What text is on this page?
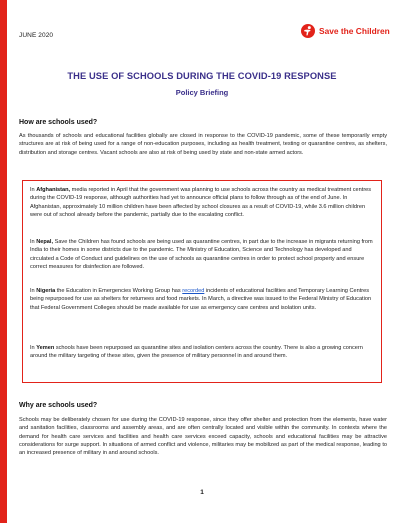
JUNE 2020	Save the Children
THE USE OF SCHOOLS DURING THE COVID-19 RESPONSE
Policy Briefing
How are schools used?
As thousands of schools and educational facilities globally are closed in response to the COVID-19 pandemic, some of these temporarily empty structures are at risk of being used for a range of non-education purposes, including as health treatment, testing or quarantine centres, as shelters, distribution and storage centres. Vacant schools are also at risk of being used by state and non-state armed actors.
In Afghanistan, media reported in April that the government was planning to use schools across the country as medical treatment centres during the COVID-19 response, although authorities had yet to announce official plans to follow through as of the end of June. In Afghanistan, approximately 10 million children have been affected by school closures as a result of COVID-19, while 3.6 million children were out of school already before the pandemic, partially due to the escalating conflict.
In Nepal, Save the Children has found schools are being used as quarantine centres, in part due to the increase in migrants returning from India to their homes in some districts due to the pandemic. The Ministry of Education, Science and Technology has developed and circulated a Code of Conduct and guidelines on the use of schools as quarantine centres in order to protect school property and ensure correct measures for disinfection are followed.
In Nigeria the Education in Emergencies Working Group has recorded incidents of educational facilities and Temporary Learning Centres being repurposed for use as shelters for returnees and food markets. In March, a directive was issued to the Federal Ministry of Education that Federal Government Colleges should be made available for use as emergency care centres and isolation units.
In Yemen schools have been repurposed as quarantine sites and isolation centers across the country. There is also a growing concern around the military targeting of these sites, given the presence of military personnel in and around them.
Why are schools used?
Schools may be deliberately chosen for use during the COVID-19 response, since they offer shelter and protection from the elements, have water and sanitation facilities, classrooms and assembly areas, and are often centrally located and visible within the community. In contexts where the demand for health care services and facilities and health care services exceed capacity, schools and educational facilities may be attractive considerations for surge support. In situations of armed conflict and violence, militaries may be mobilized as part of the medical response, leading to an increased presence of military in and around schools.
1
